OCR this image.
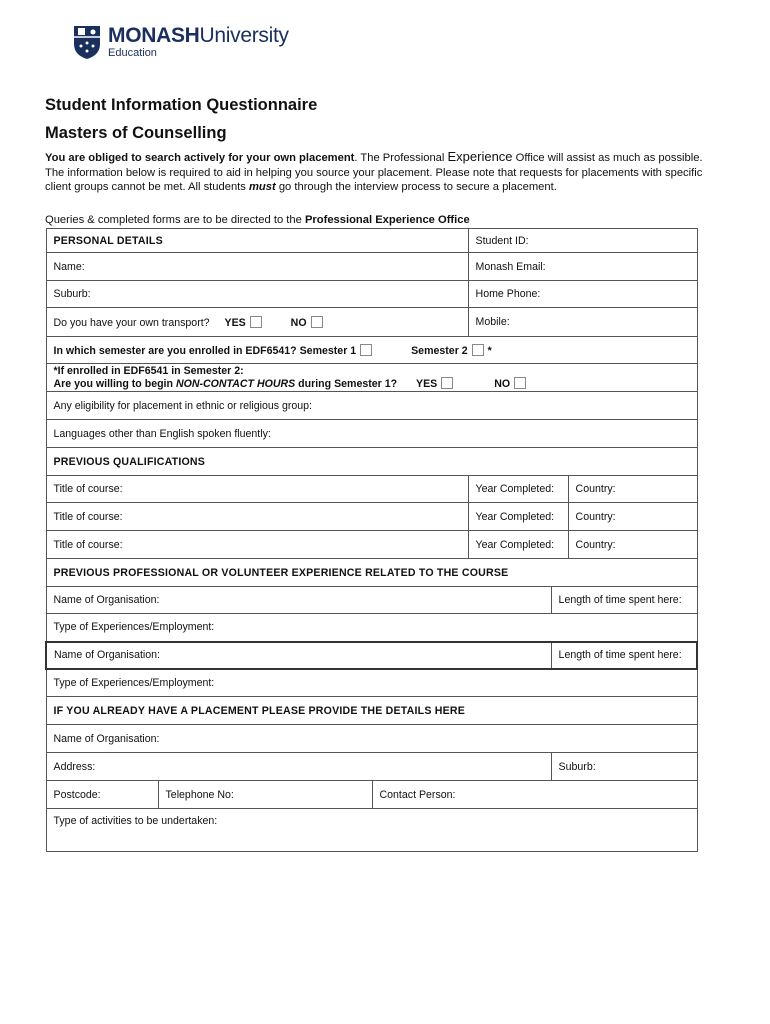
MONASHUniversity
Education
Student Information Questionnaire
Masters of Counselling
You are obliged to search actively for your own placement. The Professional Experience Office will assist as much as possible. The information below is required to aid in helping you source your placement. Please note that requests for placements with specific client groups cannot be met. All students must go through the interview process to secure a placement.
Queries & completed forms are to be directed to the Professional Experience Office
PERSONAL DETAILS			Student ID:		
Name:			Monash Email:		
Suburb:			Home Phone:		
Do you have your own transport? YES NO			Mobile:		
In which semester are you enrolled in EDF6541? Semester 1 Semester 2 *					

*If enrolled in EDF6541 in Semester 2:
Are you willing to begin NON-CONTACT HOURS during Semester 1? YES NO					

Any eligibility for placement in ethnic or religious group:					
Languages other than English spoken fluently:					
PREVIOUS QUALIFICATIONS					
Title of course:			Year Completed:		Country:
Title of course:			Year Completed:		Country:
Title of course:			Year Completed:		Country:
PREVIOUS PROFESSIONAL OR VOLUNTEER EXPERIENCE RELATED TO THE COURSE					
Name of Organisation:				Length of time spent here:	
Type of Experiences/Employment:					
Name of Organisation:				Length of time spent here:	
Type of Experiences/Employment:					
IF YOU ALREADY HAVE A PLACEMENT PLEASE PROVIDE THE DETAILS HERE					
Name of Organisation:					
Address:				Suburb:	
Postcode:	Telephone No:	Contact Person:			
Type of activities to be undertaken:					
